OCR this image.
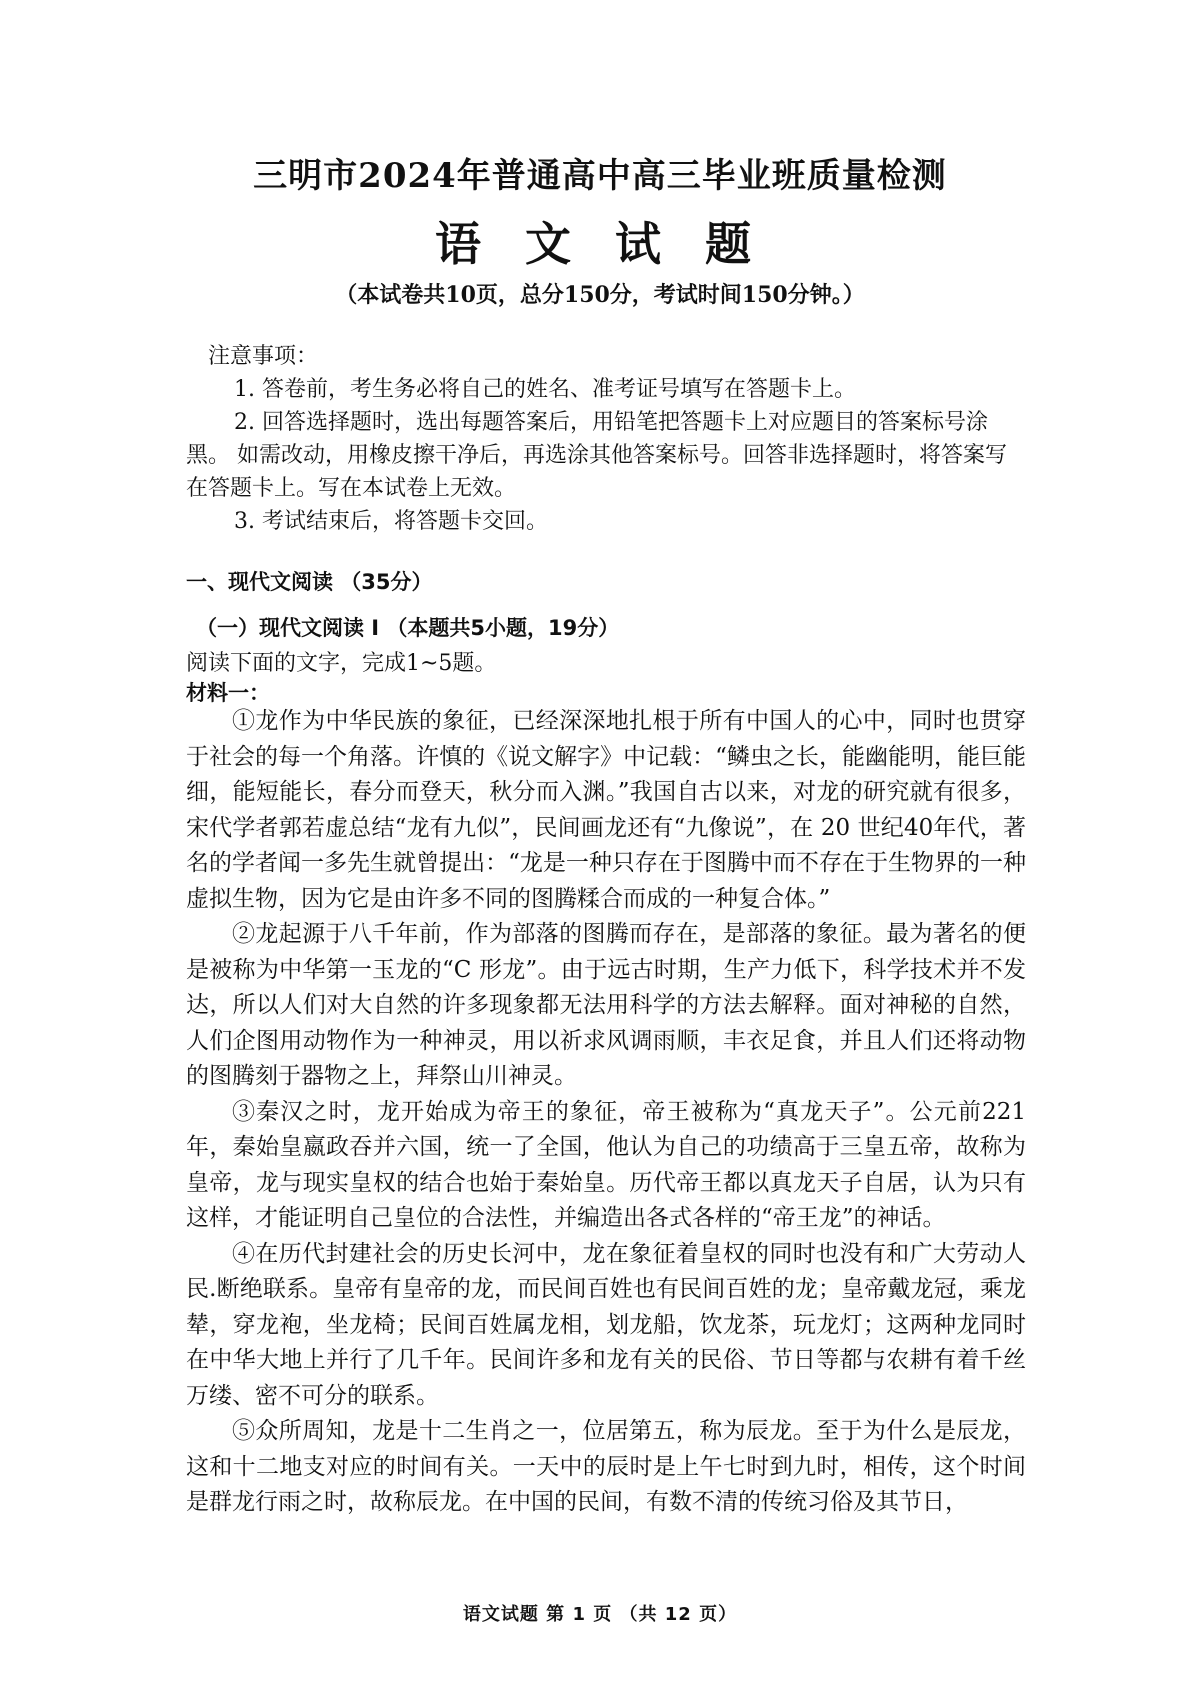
三明市2024年普通高中高三毕业班质量检测
语 文 试 题
（本试卷共10页，总分150分，考试时间150分钟。）
注意事项：
1. 答卷前，考生务必将自己的姓名、准考证号填写在答题卡上。
2. 回答选择题时，选出每题答案后，用铅笔把答题卡上对应题目的答案标号涂黑。 如需改动，用橡皮擦干净后，再选涂其他答案标号。回答非选择题时，将答案写在答题卡上。写在本试卷上无效。
3. 考试结束后，将答题卡交回。
一、现代文阅读 （35分）
（一）现代文阅读 I （本题共5小题，19分）
阅读下面的文字，完成1~5题。
材料一：

①龙作为中华民族的象征，已经深深地扎根于所有中国人的心中，同时也贯穿于社会的每一个角落。许慎的《说文解字》中记载：“鳞虫之长，能幽能明，能巨能细，能短能长，春分而登天，秋分而入渊。”我国自古以来，对龙的研究就有很多，宋代学者郭若虚总结“龙有九似”，民间画龙还有“九像说”，在 20 世纪40年代，著名的学者闻一多先生就曾提出：“龙是一种只存在于图腾中而不存在于生物界的一种虚拟生物，因为它是由许多不同的图腾糅合而成的一种复合体。”

②龙起源于八千年前，作为部落的图腾而存在，是部落的象征。最为著名的便是被称为中华第一玉龙的“C 形龙”。由于远古时期，生产力低下，科学技术并不发达，所以人们对大自然的许多现象都无法用科学的方法去解释。面对神秘的自然，人们企图用动物作为一种神灵，用以祈求风调雨顺，丰衣足食，并且人们还将动物的图腾刻于器物之上，拜祭山川神灵。

③秦汉之时，龙开始成为帝王的象征，帝王被称为“真龙天子”。公元前221年，秦始皇嬴政吞并六国，统一了全国，他认为自己的功绩高于三皇五帝，故称为皇帝，龙与现实皇权的结合也始于秦始皇。历代帝王都以真龙天子自居，认为只有这样，才能证明自己皇位的合法性，并编造出各式各样的“帝王龙”的神话。

④在历代封建社会的历史长河中，龙在象征着皇权的同时也没有和广大劳动人民.断绝联系。皇帝有皇帝的龙，而民间百姓也有民间百姓的龙；皇帝戴龙冠，乘龙辇，穿龙袍，坐龙椅；民间百姓属龙相，划龙船，饮龙茶，玩龙灯；这两种龙同时在中华大地上并行了几千年。民间许多和龙有关的民俗、节日等都与农耕有着千丝万缕、密不可分的联系。

⑤众所周知，龙是十二生肖之一，位居第五，称为辰龙。至于为什么是辰龙，这和十二地支对应的时间有关。一天中的辰时是上午七时到九时，相传，这个时间是群龙行雨之时，故称辰龙。在中国的民间，有数不清的传统习俗及其节日，

语文试题 第 1 页 （共 12 页）
